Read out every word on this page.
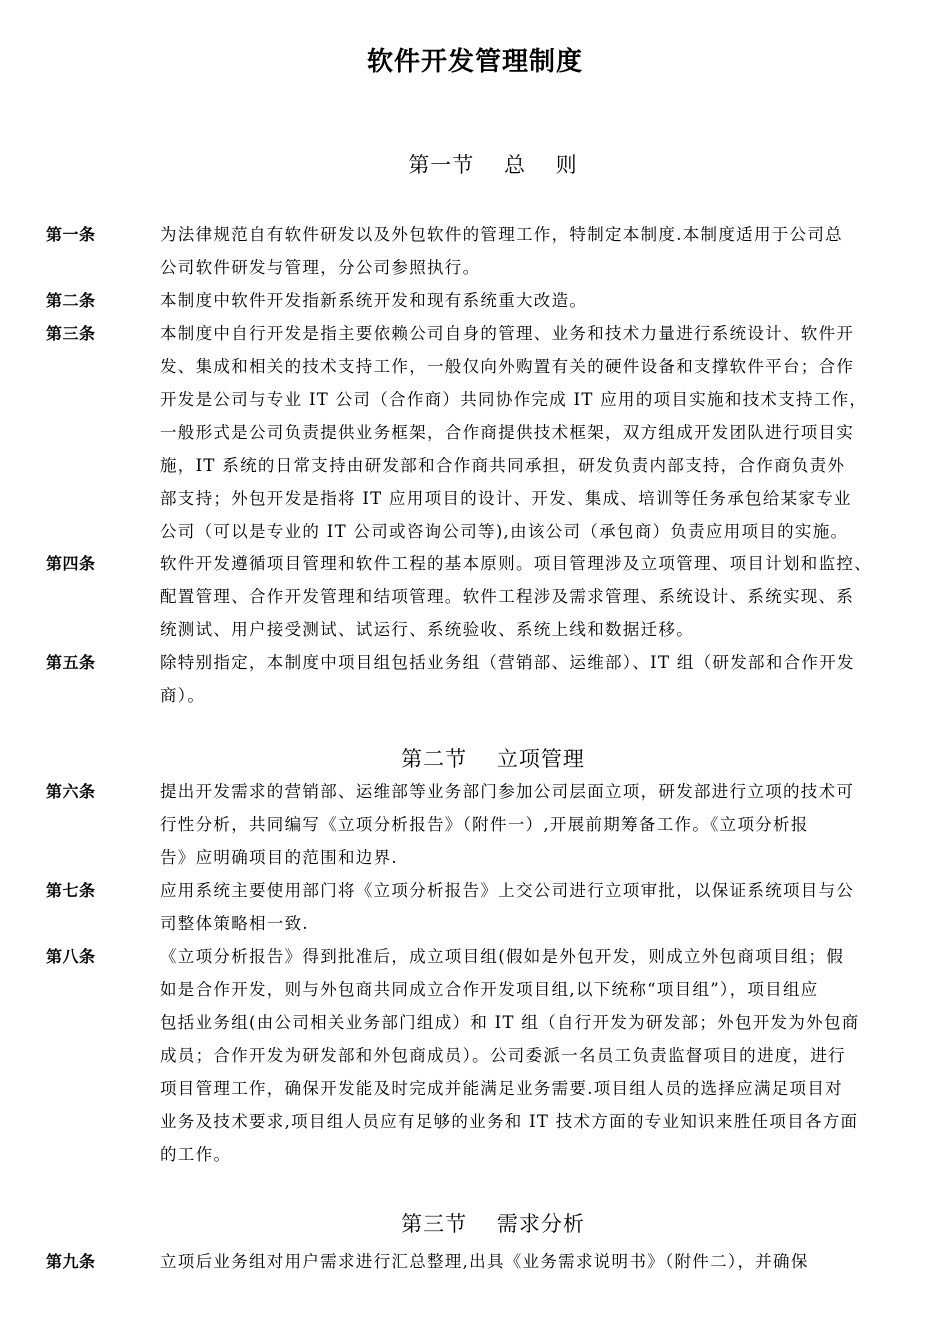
软件开发管理制度
第一节　 总　 则
第一条	为法律规范自有软件研发以及外包软件的管理工作，特制定本制度.本制度适用于公司总
公司软件研发与管理，分公司参照执行。
第二条	本制度中软件开发指新系统开发和现有系统重大改造。
第三条	本制度中自行开发是指主要依赖公司自身的管理、业务和技术力量进行系统设计、软件开
发、集成和相关的技术支持工作，一般仅向外购置有关的硬件设备和支撑软件平台；合作
开发是公司与专业 IT 公司（合作商）共同协作完成 IT 应用的项目实施和技术支持工作，
一般形式是公司负责提供业务框架，合作商提供技术框架，双方组成开发团队进行项目实
施，IT 系统的日常支持由研发部和合作商共同承担，研发负责内部支持，合作商负责外
部支持；外包开发是指将 IT 应用项目的设计、开发、集成、培训等任务承包给某家专业
公司（可以是专业的 IT 公司或咨询公司等),由该公司（承包商）负责应用项目的实施。
第四条	软件开发遵循项目管理和软件工程的基本原则。项目管理涉及立项管理、项目计划和监控、
配置管理、合作开发管理和结项管理。软件工程涉及需求管理、系统设计、系统实现、系
统测试、用户接受测试、试运行、系统验收、系统上线和数据迁移。
第五条	除特别指定，本制度中项目组包括业务组（营销部、运维部）、IT 组（研发部和合作开发
商）。
第二节　 立项管理
第六条	提出开发需求的营销部、运维部等业务部门参加公司层面立项，研发部进行立项的技术可
行性分析，共同编写《立项分析报告》（附件一）,开展前期筹备工作。《立项分析报
告》应明确项目的范围和边界.
第七条	应用系统主要使用部门将《立项分析报告》上交公司进行立项审批，以保证系统项目与公
司整体策略相一致.
第八条	《立项分析报告》得到批准后，成立项目组(假如是外包开发，则成立外包商项目组；假
如是合作开发，则与外包商共同成立合作开发项目组,以下统称“项目组”），项目组应
包括业务组(由公司相关业务部门组成）和 IT 组（自行开发为研发部；外包开发为外包商
成员；合作开发为研发部和外包商成员）。公司委派一名员工负责监督项目的进度，进行
项目管理工作，确保开发能及时完成并能满足业务需要.项目组人员的选择应满足项目对
业务及技术要求,项目组人员应有足够的业务和 IT 技术方面的专业知识来胜任项目各方面
的工作。
第三节　 需求分析
第九条	立项后业务组对用户需求进行汇总整理,出具《业务需求说明书》（附件二），并确保
